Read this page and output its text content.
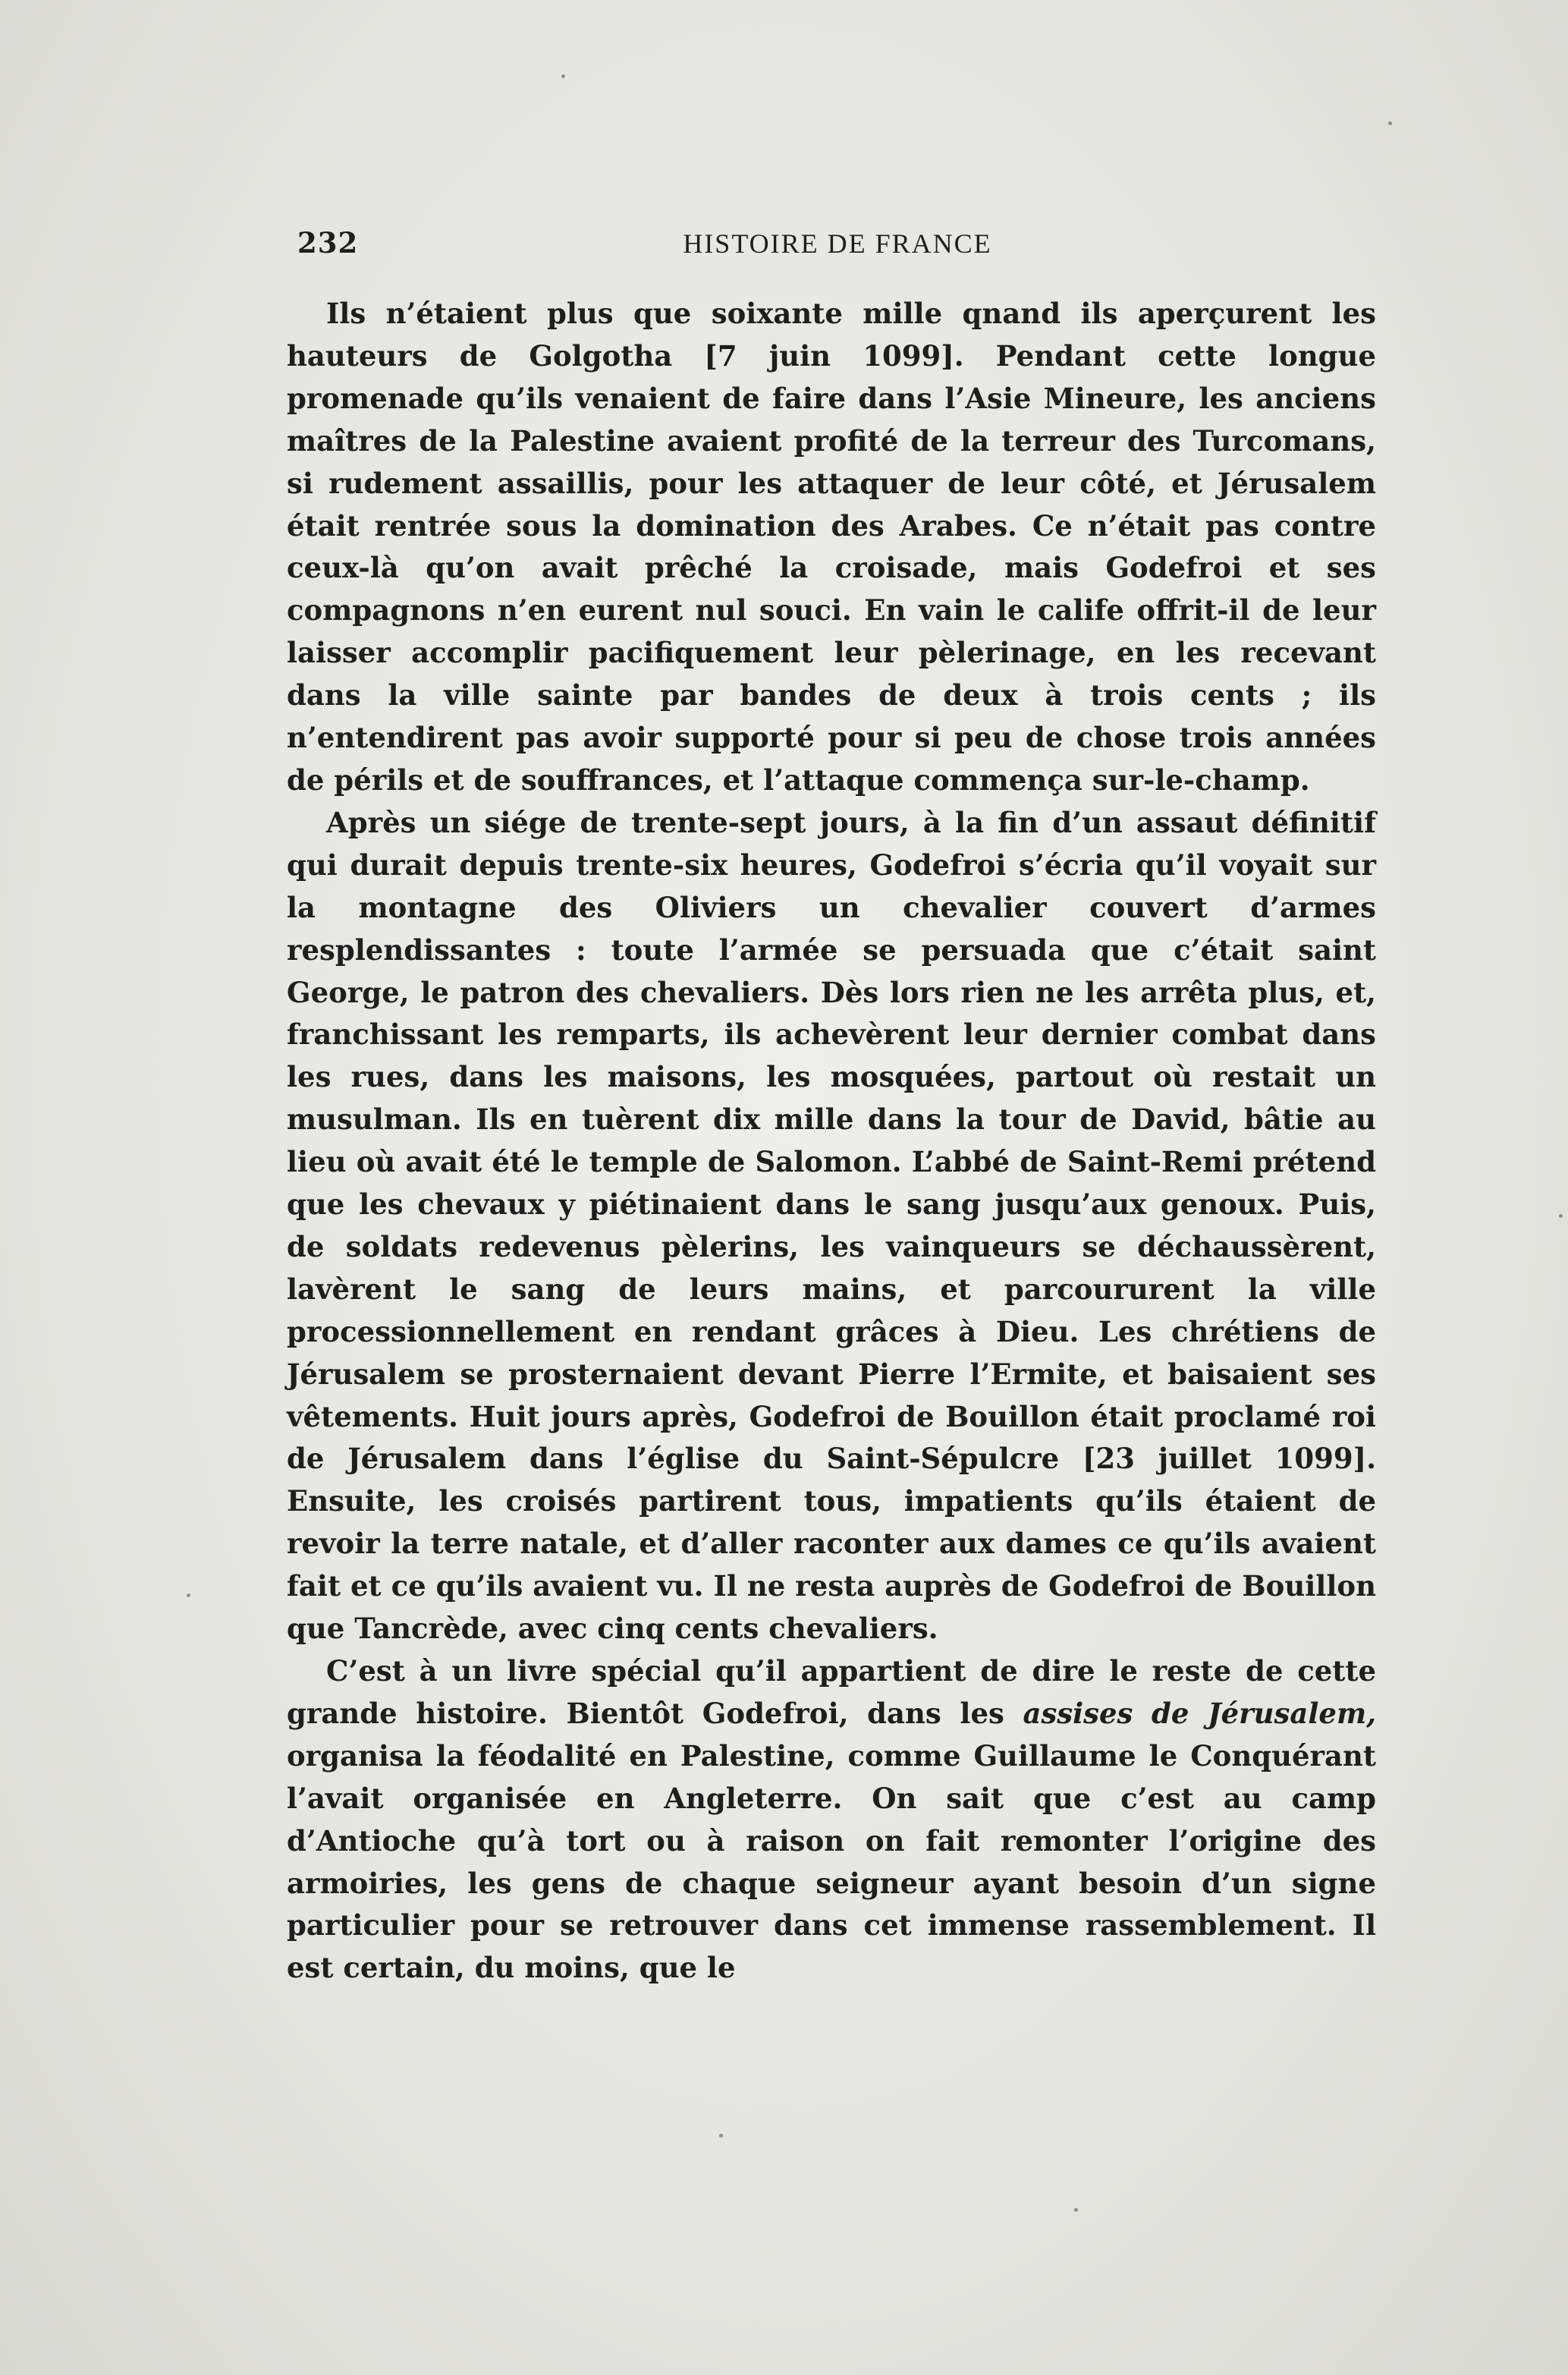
232	HISTOIRE DE FRANCE

Ils n’étaient plus que soixante mille qnand ils aperçurent les hauteurs de Golgotha [7 juin 1099]. Pendant cette longue promenade qu’ils venaient de faire dans l’Asie Mineure, les anciens maîtres de la Palestine avaient profité de la terreur des Turcomans, si rudement assaillis, pour les attaquer de leur côté, et Jérusalem était rentrée sous la domination des Arabes. Ce n’était pas contre ceux-là qu’on avait prêché la croisade, mais Godefroi et ses compagnons n’en eurent nul souci. En vain le calife offrit-il de leur laisser accomplir pacifiquement leur pèlerinage, en les recevant dans la ville sainte par bandes de deux à trois cents ; ils n’entendirent pas avoir supporté pour si peu de chose trois années de périls et de souffrances, et l’attaque commença sur-le-champ.

Après un siége de trente-sept jours, à la fin d’un assaut définitif qui durait depuis trente-six heures, Godefroi s’écria qu’il voyait sur la montagne des Oliviers un chevalier couvert d’armes resplendissantes : toute l’armée se persuada que c’était saint George, le patron des chevaliers. Dès lors rien ne les arrêta plus, et, franchissant les remparts, ils achevèrent leur dernier combat dans les rues, dans les maisons, les mosquées, partout où restait un musulman. Ils en tuèrent dix mille dans la tour de David, bâtie au lieu où avait été le temple de Salomon. L’abbé de Saint-Remi prétend que les chevaux y piétinaient dans le sang jusqu’aux genoux. Puis, de soldats redevenus pèlerins, les vainqueurs se déchaussèrent, lavèrent le sang de leurs mains, et parcoururent la ville processionnellement en rendant grâces à Dieu. Les chrétiens de Jérusalem se prosternaient devant Pierre l’Ermite, et baisaient ses vêtements. Huit jours après, Godefroi de Bouillon était proclamé roi de Jérusalem dans l’église du Saint-Sépulcre [23 juillet 1099]. Ensuite, les croisés partirent tous, impatients qu’ils étaient de revoir la terre natale, et d’aller raconter aux dames ce qu’ils avaient fait et ce qu’ils avaient vu. Il ne resta auprès de Godefroi de Bouillon que Tancrède, avec cinq cents chevaliers.

C’est à un livre spécial qu’il appartient de dire le reste de cette grande histoire. Bientôt Godefroi, dans les assises de Jérusalem, organisa la féodalité en Palestine, comme Guillaume le Conquérant l’avait organisée en Angleterre. On sait que c’est au camp d’Antioche qu’à tort ou à raison on fait remonter l’origine des armoiries, les gens de chaque seigneur ayant besoin d’un signe particulier pour se retrouver dans cet immense rassemblement. Il est certain, du moins, que le
